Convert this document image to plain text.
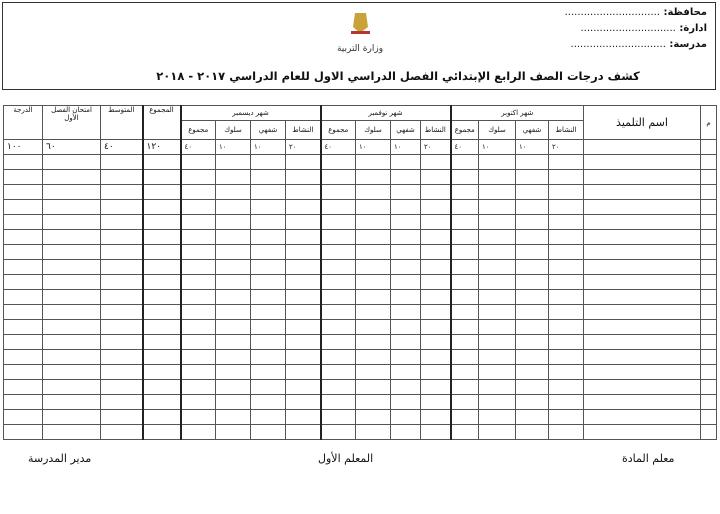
محافظة: ..............................
ادارة: ..............................
مدرسة: ..............................
وزارة التربية
كشف درجات الصف الرابع الإبتدائي الفصل الدراسي الاول للعام الدراسي ٢٠١٧ - ٢٠١٨
م	اسم التلميذ	شهر اكتوبر				شهر نوفمبر				شهر ديسمبر				المجموع	المتوسط	امتحان الفصل الأول	الدرجة
		النشاط	شفهي	سلوك	مجموع	النشاط	شفهي	سلوك	مجموع	النشاط	شفهي	سلوك	مجموع				
		٢٠	١٠	١٠	٤٠	٢٠	١٠	١٠	٤٠	٢٠	١٠	١٠	٤٠	١٢٠	٤٠	٦٠	١٠٠

معلم المادة
المعلم الأول
مدير المدرسة
